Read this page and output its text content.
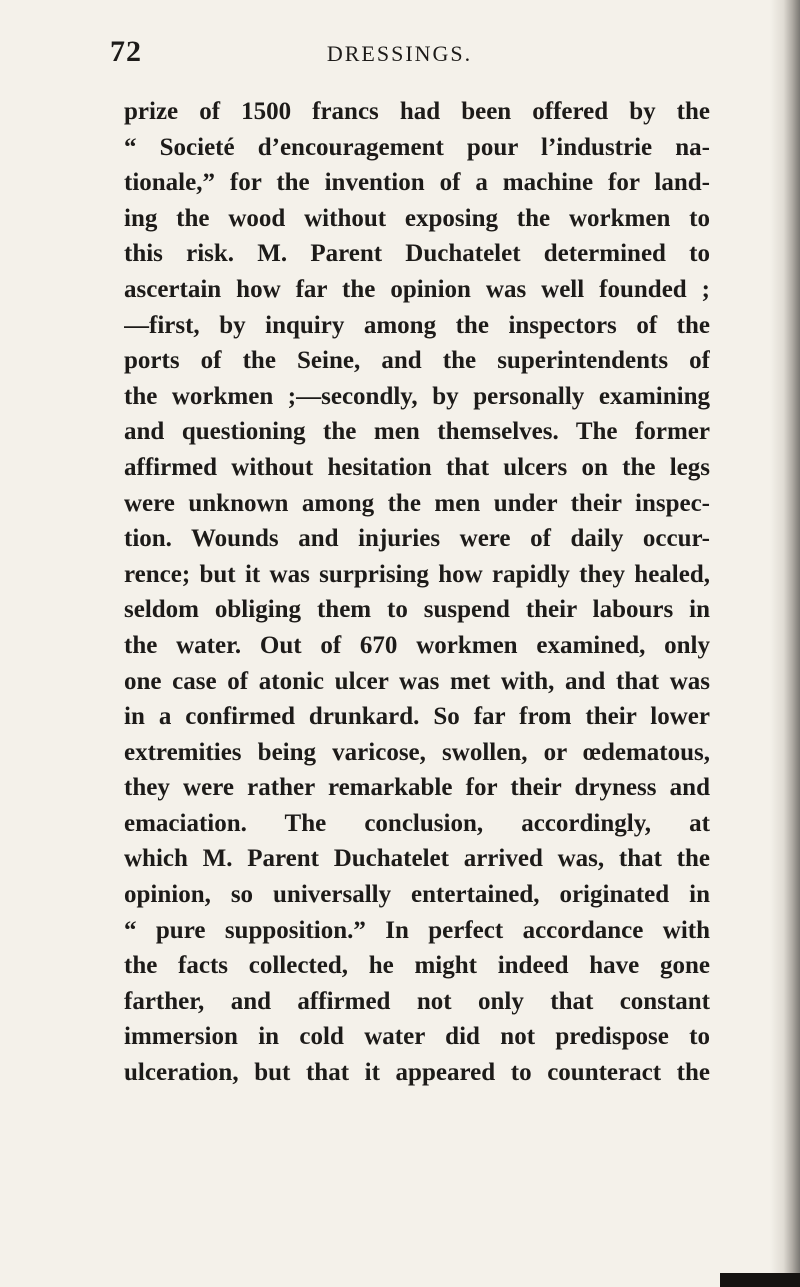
72	DRESSINGS.
prize of 1500 francs had been offered by the
“ Societé d’encouragement pour l’industrie na-
tionale,” for the invention of a machine for land-
ing the wood without exposing the workmen to
this risk. M. Parent Duchatelet determined to
ascertain how far the opinion was well founded ;
—first, by inquiry among the inspectors of the
ports of the Seine, and the superintendents of
the workmen ;—secondly, by personally examining
and questioning the men themselves. The former
affirmed without hesitation that ulcers on the legs
were unknown among the men under their inspec-
tion. Wounds and injuries were of daily occur-
rence; but it was surprising how rapidly they healed,
seldom obliging them to suspend their labours in
the water. Out of 670 workmen examined, only
one case of atonic ulcer was met with, and that was
in a confirmed drunkard. So far from their lower
extremities being varicose, swollen, or œdematous,
they were rather remarkable for their dryness and
emaciation. The conclusion, accordingly, at
which M. Parent Duchatelet arrived was, that the
opinion, so universally entertained, originated in
“ pure supposition.” In perfect accordance with
the facts collected, he might indeed have gone
farther, and affirmed not only that constant
immersion in cold water did not predispose to
ulceration, but that it appeared to counteract the
